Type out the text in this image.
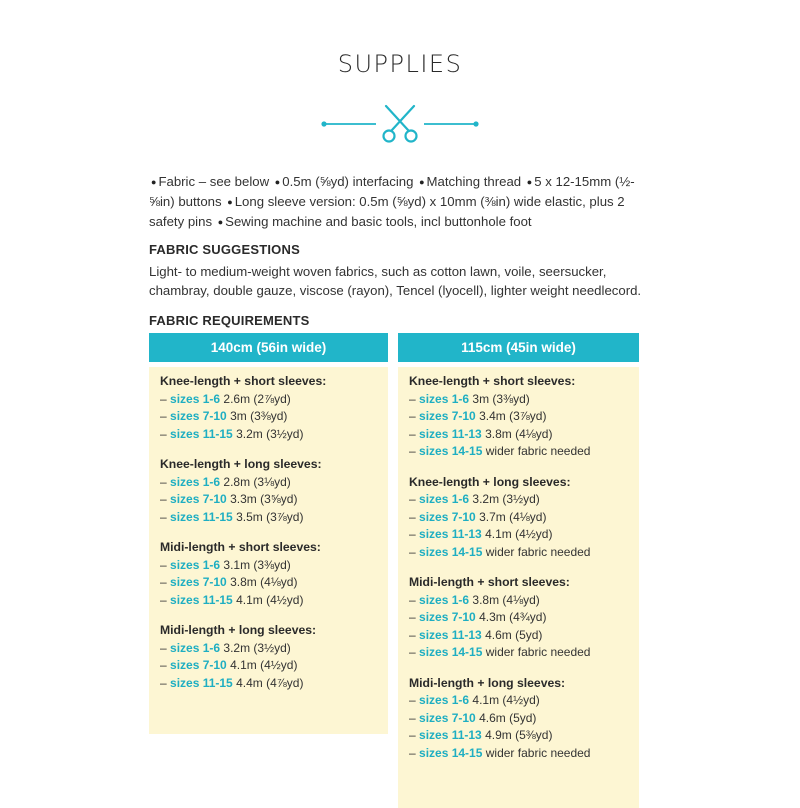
SUPPLIES
● Fabric – see below ● 0.5m (⅝yd) interfacing ● Matching thread ● 5 x 12-15mm (½-⅝in) buttons ● Long sleeve version: 0.5m (⅝yd) x 10mm (⅜in) wide elastic, plus 2 safety pins ● Sewing machine and basic tools, incl buttonhole foot
FABRIC SUGGESTIONS
Light- to medium-weight woven fabrics, such as cotton lawn, voile, seersucker, chambray, double gauze, viscose (rayon), Tencel (lyocell), lighter weight needlecord.
FABRIC REQUIREMENTS
140cm (56in wide)
Knee-length + short sleeves:
– sizes 1-6 2.6m (2⅞yd)
– sizes 7-10 3m (3⅜yd)
– sizes 11-15 3.2m (3½yd)
Knee-length + long sleeves:
– sizes 1-6 2.8m (3⅛yd)
– sizes 7-10 3.3m (3⅝yd)
– sizes 11-15 3.5m (3⅞yd)
Midi-length + short sleeves:
– sizes 1-6 3.1m (3⅜yd)
– sizes 7-10 3.8m (4⅛yd)
– sizes 11-15 4.1m (4½yd)
Midi-length + long sleeves:
– sizes 1-6 3.2m (3½yd)
– sizes 7-10 4.1m (4½yd)
– sizes 11-15 4.4m (4⅞yd)
115cm (45in wide)
Knee-length + short sleeves:
– sizes 1-6 3m (3⅜yd)
– sizes 7-10 3.4m (3⅞yd)
– sizes 11-13 3.8m (4⅛yd)
– sizes 14-15 wider fabric needed
Knee-length + long sleeves:
– sizes 1-6 3.2m (3½yd)
– sizes 7-10 3.7m (4⅛yd)
– sizes 11-13 4.1m (4½yd)
– sizes 14-15 wider fabric needed
Midi-length + short sleeves:
– sizes 1-6 3.8m (4⅛yd)
– sizes 7-10 4.3m (4¾yd)
– sizes 11-13 4.6m (5yd)
– sizes 14-15 wider fabric needed
Midi-length + long sleeves:
– sizes 1-6 4.1m (4½yd)
– sizes 7-10 4.6m (5yd)
– sizes 11-13 4.9m (5⅜yd)
– sizes 14-15 wider fabric needed
